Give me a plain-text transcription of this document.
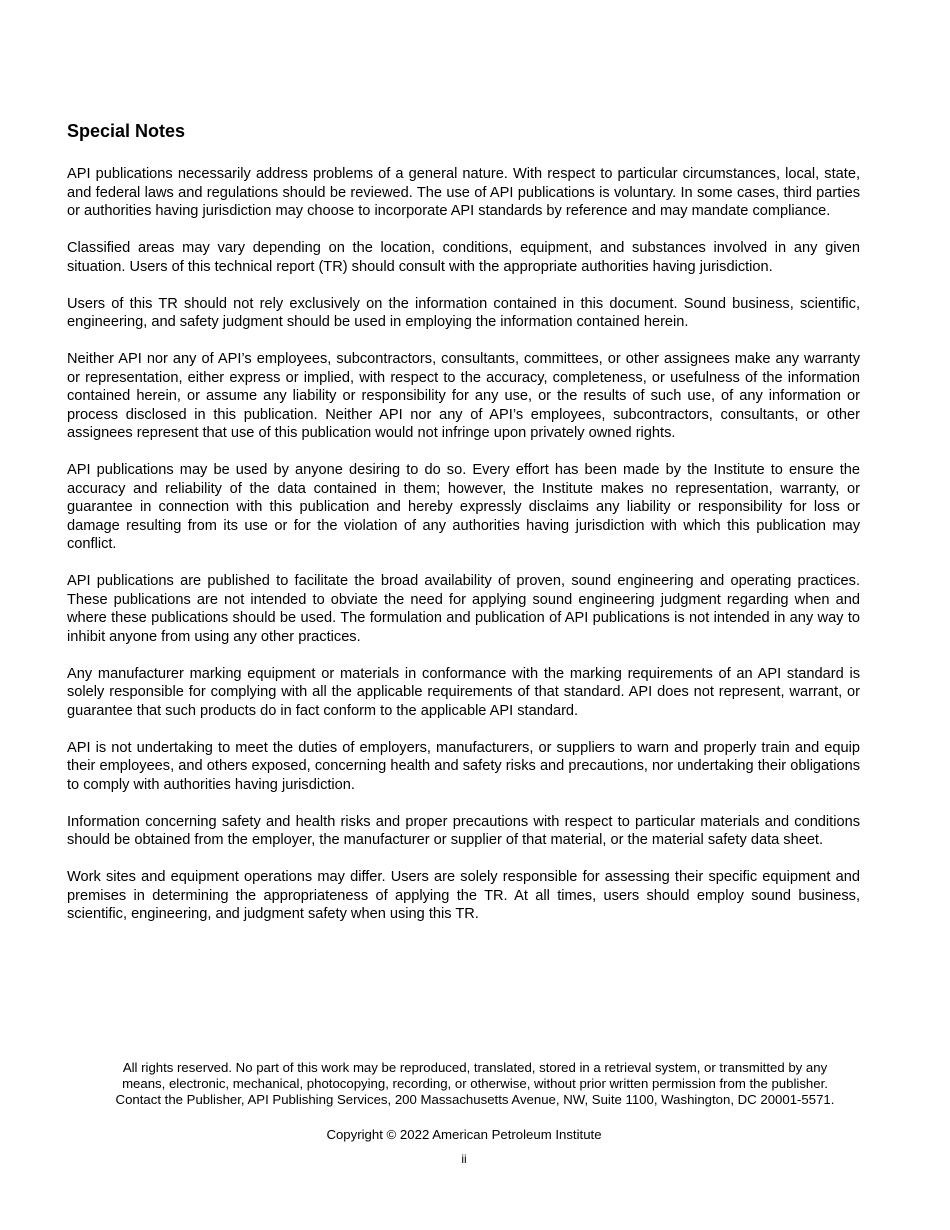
Special Notes

API publications necessarily address problems of a general nature. With respect to particular circumstances, local, state, and federal laws and regulations should be reviewed. The use of API publications is voluntary. In some cases, third parties or authorities having jurisdiction may choose to incorporate API standards by reference and may mandate compliance.

Classified areas may vary depending on the location, conditions, equipment, and substances involved in any given situation. Users of this technical report (TR) should consult with the appropriate authorities having jurisdiction.

Users of this TR should not rely exclusively on the information contained in this document. Sound business, scientific, engineering, and safety judgment should be used in employing the information contained herein.

Neither API nor any of API’s employees, subcontractors, consultants, committees, or other assignees make any warranty or representation, either express or implied, with respect to the accuracy, completeness, or usefulness of the information contained herein, or assume any liability or responsibility for any use, or the results of such use, of any information or process disclosed in this publication. Neither API nor any of API’s employees, subcontractors, consultants, or other assignees represent that use of this publication would not infringe upon privately owned rights.

API publications may be used by anyone desiring to do so. Every effort has been made by the Institute to ensure the accuracy and reliability of the data contained in them; however, the Institute makes no representation, warranty, or guarantee in connection with this publication and hereby expressly disclaims any liability or responsibility for loss or damage resulting from its use or for the violation of any authorities having jurisdiction with which this publication may conflict.

API publications are published to facilitate the broad availability of proven, sound engineering and operating practices. These publications are not intended to obviate the need for applying sound engineering judgment regarding when and where these publications should be used. The formulation and publication of API publications is not intended in any way to inhibit anyone from using any other practices.

Any manufacturer marking equipment or materials in conformance with the marking requirements of an API standard is solely responsible for complying with all the applicable requirements of that standard. API does not represent, warrant, or guarantee that such products do in fact conform to the applicable API standard.

API is not undertaking to meet the duties of employers, manufacturers, or suppliers to warn and properly train and equip their employees, and others exposed, concerning health and safety risks and precautions, nor undertaking their obligations to comply with authorities having jurisdiction.

Information concerning safety and health risks and proper precautions with respect to particular materials and conditions should be obtained from the employer, the manufacturer or supplier of that material, or the material safety data sheet.

Work sites and equipment operations may differ. Users are solely responsible for assessing their specific equipment and premises in determining the appropriateness of applying the TR. At all times, users should employ sound business, scientific, engineering, and judgment safety when using this TR.

All rights reserved. No part of this work may be reproduced, translated, stored in a retrieval system, or transmitted by any
means, electronic, mechanical, photocopying, recording, or otherwise, without prior written permission from the publisher.
Contact the Publisher, API Publishing Services, 200 Massachusetts Avenue, NW, Suite 1100, Washington, DC 20001-5571.
Copyright © 2022 American Petroleum Institute
ii
